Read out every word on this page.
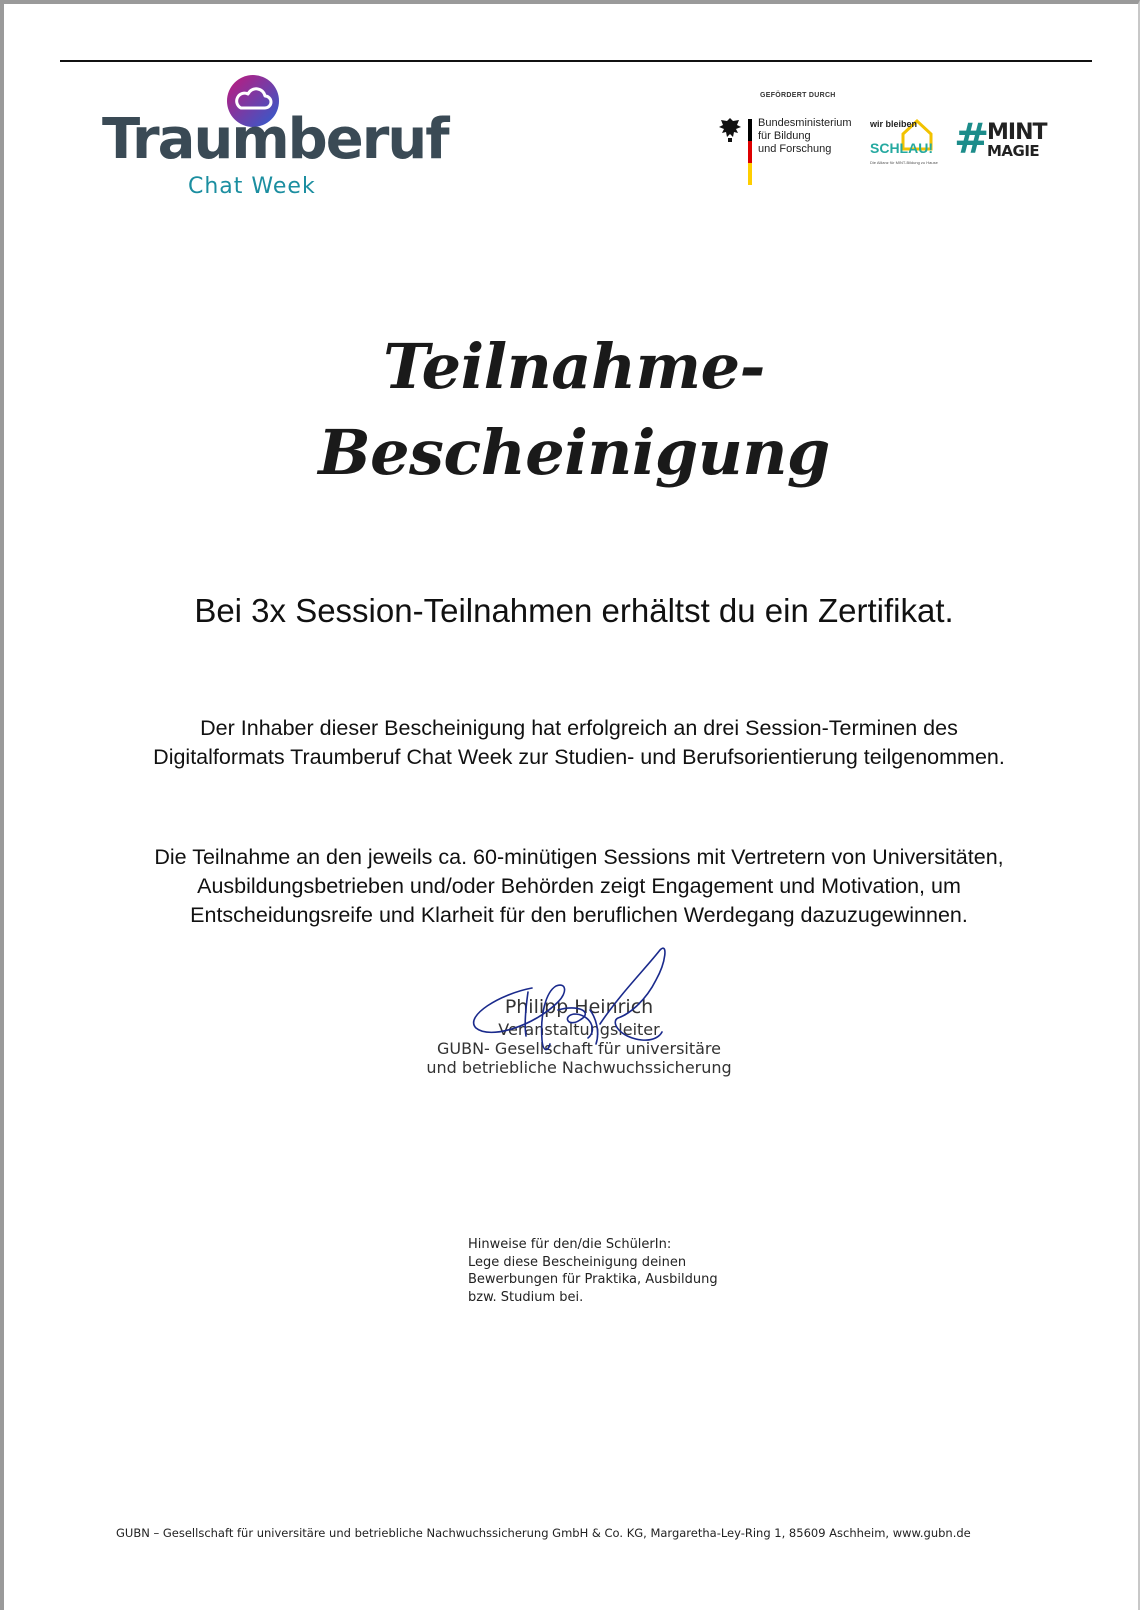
Traumberuf
Chat Week
GEFÖRDERT DURCH
Bundesministerium
für Bildung
und Forschung
wir bleiben
SCHLAU!
Die Allianz für MINT-Bildung zu Hause #
MINT
MAGIE
Teilnahme-
Bescheinigung
Bei 3x Session-Teilnahmen erhältst du ein Zertifikat.
Der Inhaber dieser Bescheinigung hat erfolgreich an drei Session-Terminen des
Digitalformats Traumberuf Chat Week zur Studien- und Berufsorientierung teilgenommen.
Die Teilnahme an den jeweils ca. 60-minütigen Sessions mit Vertretern von Universitäten,
Ausbildungsbetrieben und/oder Behörden zeigt Engagement und Motivation, um
Entscheidungsreife und Klarheit für den beruflichen Werdegang dazuzugewinnen.
Philipp Heinrich
Veranstaltungsleiter
GUBN- Gesellschaft für universitäre
und betriebliche Nachwuchssicherung
Hinweise für den/die SchülerIn:
Lege diese Bescheinigung deinen
Bewerbungen für Praktika, Ausbildung
bzw. Studium bei.
GUBN – Gesellschaft für universitäre und betriebliche Nachwuchssicherung GmbH & Co. KG, Margaretha-Ley-Ring 1, 85609 Aschheim, www.gubn.de
